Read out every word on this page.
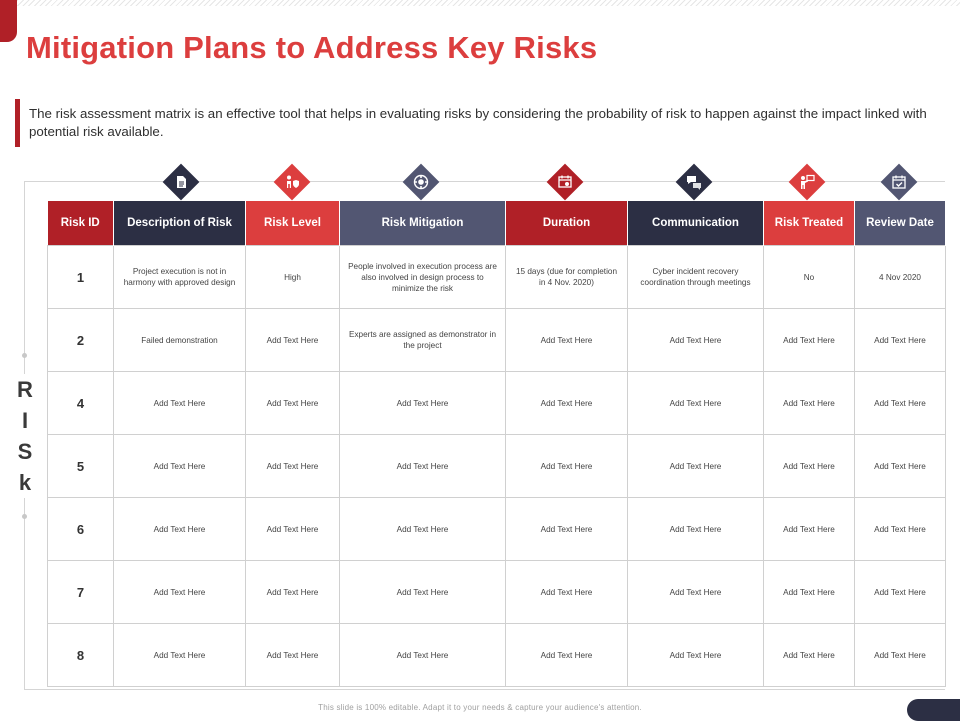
Mitigation Plans to Address Key Risks
The risk assessment matrix is an effective tool that helps in evaluating risks by considering the probability of risk to happen against the impact linked with potential risk available.
R
I
S
k
Risk ID	Description of Risk	Risk Level	Risk Mitigation	Duration	Communication	Risk Treated	Review Date
1	Project execution is not in harmony with approved design	High	People involved in execution process are also involved in design process to minimize the risk	15 days (due for completion in 4 Nov. 2020)	Cyber incident recovery coordination through meetings	No	4 Nov 2020
2	Failed demonstration	Add Text Here	Experts are assigned as demonstrator in the project	Add Text Here	Add Text Here	Add Text Here	Add Text Here
4	Add Text Here	Add Text Here	Add Text Here	Add Text Here	Add Text Here	Add Text Here	Add Text Here
5	Add Text Here	Add Text Here	Add Text Here	Add Text Here	Add Text Here	Add Text Here	Add Text Here
6	Add Text Here	Add Text Here	Add Text Here	Add Text Here	Add Text Here	Add Text Here	Add Text Here
7	Add Text Here	Add Text Here	Add Text Here	Add Text Here	Add Text Here	Add Text Here	Add Text Here
8	Add Text Here	Add Text Here	Add Text Here	Add Text Here	Add Text Here	Add Text Here	Add Text Here
This slide is 100% editable. Adapt it to your needs & capture your audience's attention.
